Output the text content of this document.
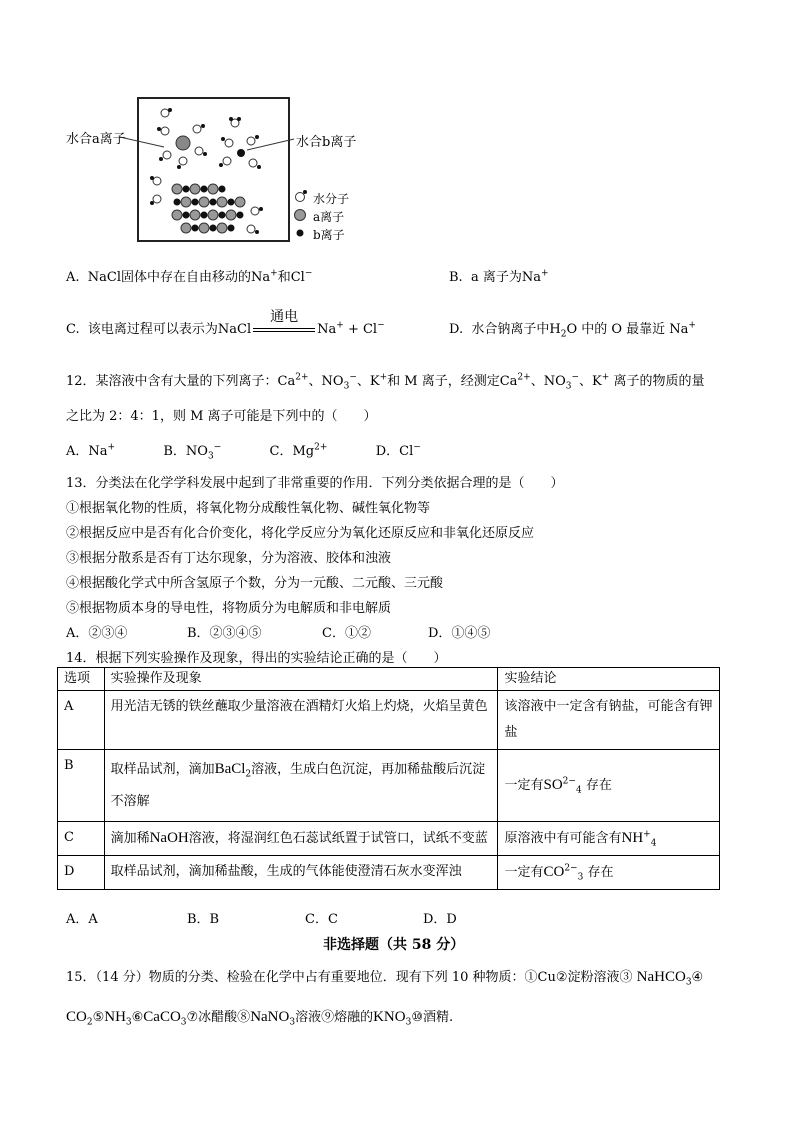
水合a离子	水合b离子
水分子
a离子
b离子
A. NaCl固体中存在自由移动的Na+和Cl−	B. a 离子为Na+
C. 该电离过程可以表示为NaCl
通电
Na+ + Cl−	D. 水合钠离子中$H_2O$ 中的 O 最靠近 Na+
12．某溶液中含有大量的下列离子：$Ca^{2+}$、$NO_3^-$、K+和 M 离子，经测定$Ca^{2+}$、$NO_3^-$、K+ 离子的物质的量
之比为 2：4：1，则 M 离子可能是下列中的（　　）
A．Na+	B．$NO_3^-$	C．$Mg^{2+}$	D．Cl−
13．分类法在化学学科发展中起到了非常重要的作用．下列分类依据合理的是（　　）
①根据氧化物的性质，将氧化物分成酸性氧化物、碱性氧化物等
②根据反应中是否有化合价变化，将化学反应分为氧化还原反应和非氧化还原反应
③根据分散系是否有丁达尔现象，分为溶液、胶体和浊液
④根据酸化学式中所含氢原子个数，分为一元酸、二元酸、三元酸
⑤根据物质本身的导电性，将物质分为电解质和非电解质
A．②③④	B．②③④⑤	C．①②	D．①④⑤
14．根据下列实验操作及现象，得出的实验结论正确的是（　　）
选项	实验操作及现象	实验结论
A	用光洁无锈的铁丝蘸取少量溶液在酒精灯火焰上灼烧，火焰呈黄色	该溶液中一定含有钠盐，可能含有钾盐
B	取样品试剂，滴加BaCl$_2$溶液，生成白色沉淀，再加稀盐酸后沉淀不溶解	一定有$SO^{2-}_4$ 存在
C	滴加稀NaOH溶液，将湿润红色石蕊试纸置于试管口，试纸不变蓝	原溶液中有可能含有$NH^+_4$
D	取样品试剂，滴加稀盐酸，生成的气体能使澄清石灰水变浑浊	一定有$CO^{2-}_3$ 存在
A．A	B．B	C．C	D．D
非选择题（共 58 分）
15．（14 分）物质的分类、检验在化学中占有重要地位．现有下列 10 种物质：①Cu②淀粉溶液③ NaHCO$_3$④
$CO_2⑤NH_3⑥CaCO_3⑦$冰醋酸⑧NaNO$_3$溶液⑨熔融的$KNO_3⑩$酒精.
